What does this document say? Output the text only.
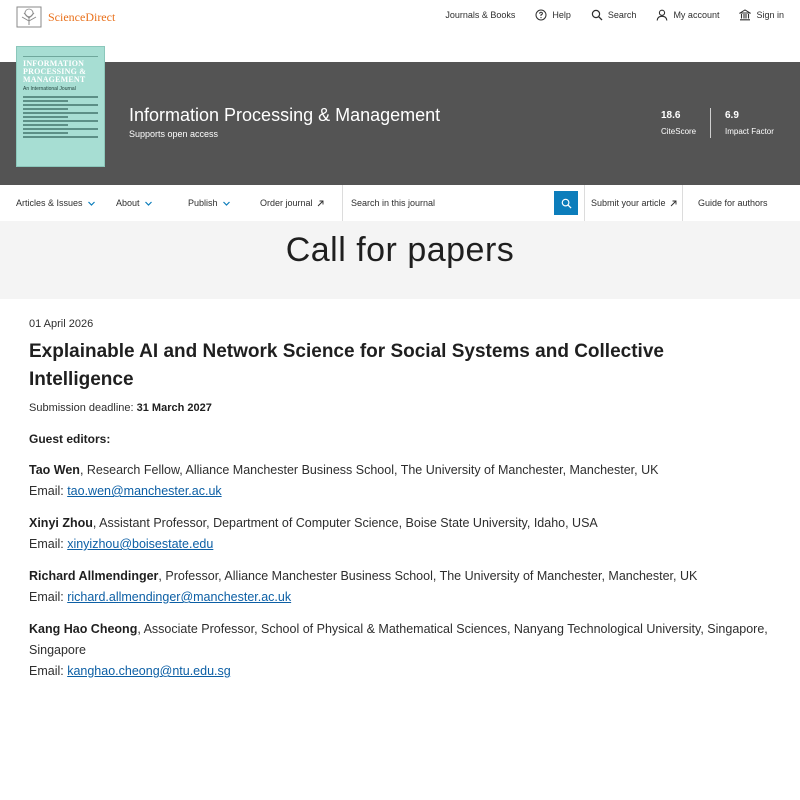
ScienceDirect	Journals & Books	Help	Search	My account	Sign in
INFORMATION PROCESSING & MANAGEMENT
An International Journal
Information Processing & Management
Supports open access
18.6
CiteScore
6.9
Impact Factor
Articles & Issues	About	Publish	Order journal
Search in this journal	Submit your article	Guide for authors
Call for papers
01 April 2026
Explainable AI and Network Science for Social Systems and Collective Intelligence
Submission deadline: 31 March 2027
Guest editors:
Tao Wen, Research Fellow, Alliance Manchester Business School, The University of Manchester, Manchester, UK
Email: tao.wen@manchester.ac.uk
Xinyi Zhou, Assistant Professor, Department of Computer Science, Boise State University, Idaho, USA
Email: xinyizhou@boisestate.edu
Richard Allmendinger, Professor, Alliance Manchester Business School, The University of Manchester, Manchester, UK
Email: richard.allmendinger@manchester.ac.uk
Kang Hao Cheong, Associate Professor, School of Physical & Mathematical Sciences, Nanyang Technological University, Singapore, Singapore
Email: kanghao.cheong@ntu.edu.sg
